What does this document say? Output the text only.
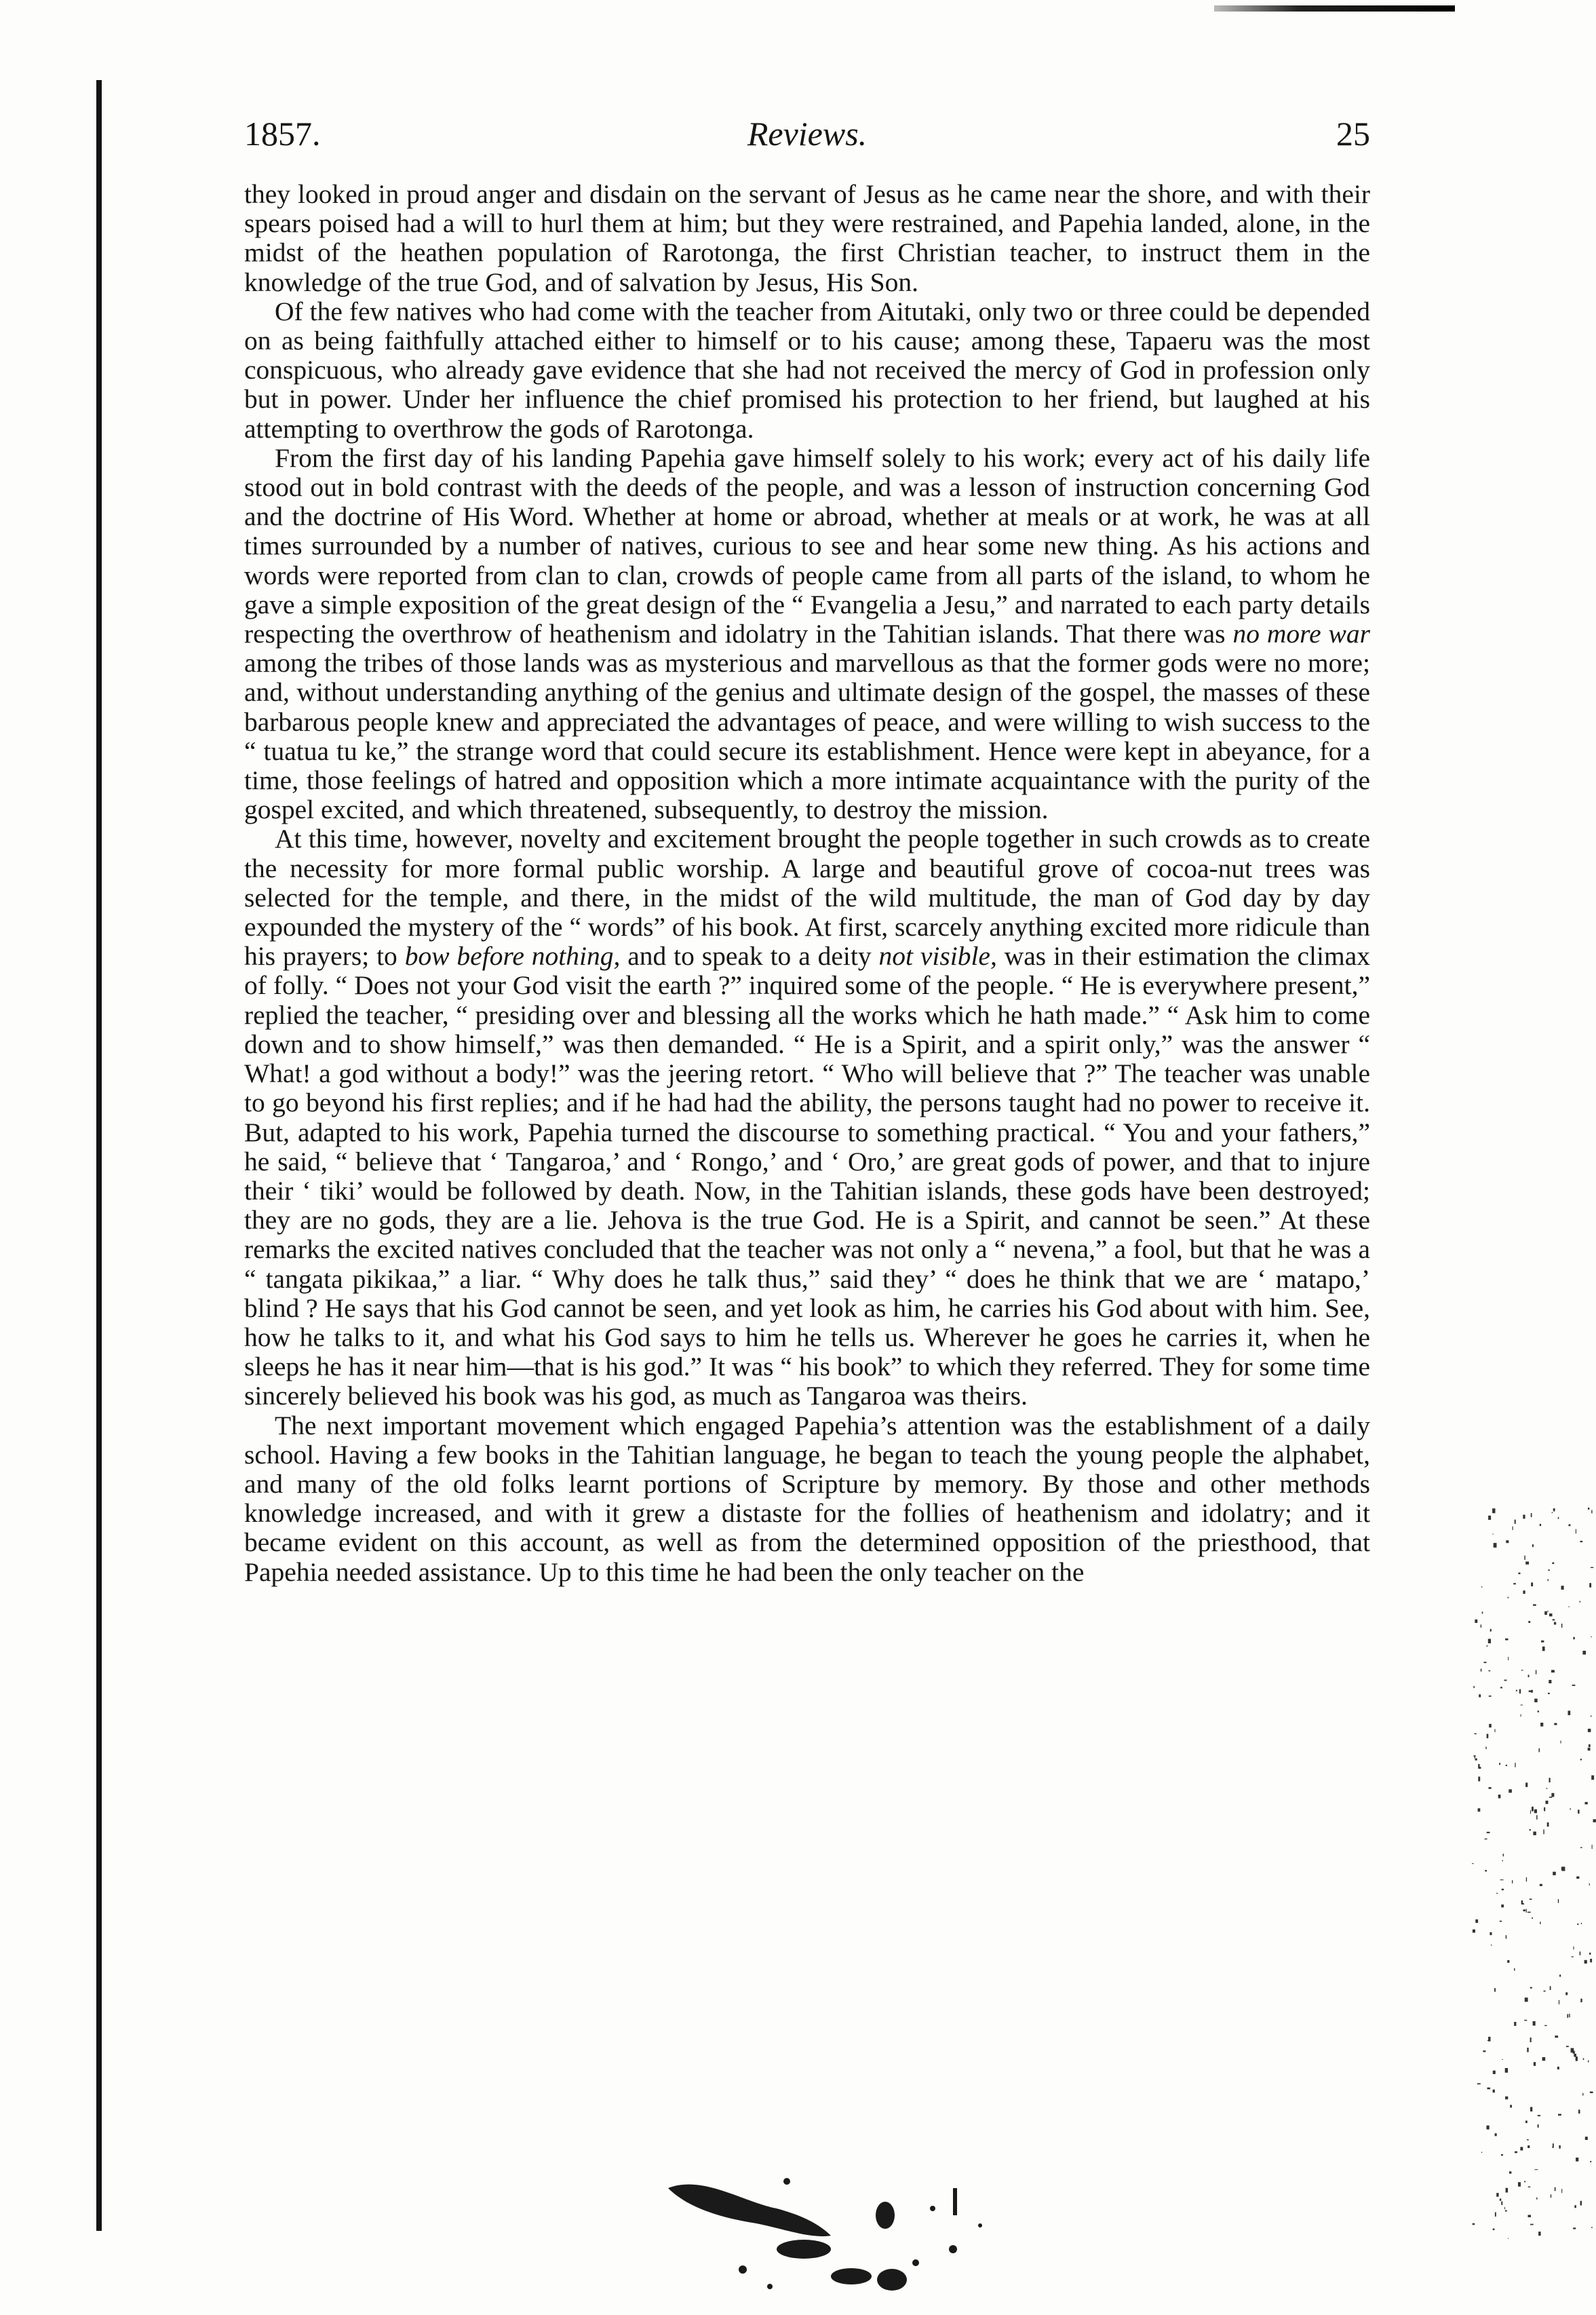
1857.	Reviews.	25

they looked in proud anger and disdain on the servant of Jesus as he came near the shore, and with their spears poised had a will to hurl them at him; but they were restrained, and Papehia landed, alone, in the midst of the heathen population of Rarotonga, the first Christian teacher, to instruct them in the knowledge of the true God, and of salvation by Jesus, His Son.

Of the few natives who had come with the teacher from Aitutaki, only two or three could be depended on as being faithfully attached either to himself or to his cause; among these, Tapaeru was the most conspicuous, who already gave evidence that she had not received the mercy of God in profession only but in power. Under her influence the chief promised his protection to her friend, but laughed at his attempting to overthrow the gods of Rarotonga.

From the first day of his landing Papehia gave himself solely to his work; every act of his daily life stood out in bold contrast with the deeds of the people, and was a lesson of instruction concerning God and the doctrine of His Word. Whether at home or abroad, whether at meals or at work, he was at all times surrounded by a number of natives, curious to see and hear some new thing. As his actions and words were reported from clan to clan, crowds of people came from all parts of the island, to whom he gave a simple exposition of the great design of the “ Evangelia a Jesu,” and narrated to each party details respecting the overthrow of heathenism and idolatry in the Tahitian islands. That there was no more war among the tribes of those lands was as mysterious and marvellous as that the former gods were no more; and, without understanding anything of the genius and ultimate design of the gospel, the masses of these barbarous people knew and appreciated the advantages of peace, and were willing to wish success to the “ tuatua tu ke,” the strange word that could secure its establishment. Hence were kept in abeyance, for a time, those feelings of hatred and opposition which a more intimate acquaintance with the purity of the gospel excited, and which threatened, subsequently, to destroy the mission.

At this time, however, novelty and excitement brought the people together in such crowds as to create the necessity for more formal public worship. A large and beautiful grove of cocoa-nut trees was selected for the temple, and there, in the midst of the wild multitude, the man of God day by day expounded the mystery of the “ words” of his book. At first, scarcely anything excited more ridicule than his prayers; to bow before nothing, and to speak to a deity not visible, was in their estimation the climax of folly. “ Does not your God visit the earth ?” inquired some of the people. “ He is everywhere present,” replied the teacher, “ presiding over and blessing all the works which he hath made.” “ Ask him to come down and to show himself,” was then demanded. “ He is a Spirit, and a spirit only,” was the answer “ What! a god without a body!” was the jeering retort. “ Who will believe that ?” The teacher was unable to go beyond his first replies; and if he had had the ability, the persons taught had no power to receive it. But, adapted to his work, Papehia turned the discourse to something practical. “ You and your fathers,” he said, “ believe that ‘ Tangaroa,’ and ‘ Rongo,’ and ‘ Oro,’ are great gods of power, and that to injure their ‘ tiki’ would be followed by death. Now, in the Tahitian islands, these gods have been destroyed; they are no gods, they are a lie. Jehova is the true God. He is a Spirit, and cannot be seen.” At these remarks the excited natives concluded that the teacher was not only a “ nevena,” a fool, but that he was a “ tangata pikikaa,” a liar. “ Why does he talk thus,” said they’ “ does he think that we are ‘ matapo,’ blind ? He says that his God cannot be seen, and yet look as him, he carries his God about with him. See, how he talks to it, and what his God says to him he tells us. Wherever he goes he carries it, when he sleeps he has it near him—that is his god.” It was “ his book” to which they referred. They for some time sincerely believed his book was his god, as much as Tangaroa was theirs.

The next important movement which engaged Papehia’s attention was the establishment of a daily school. Having a few books in the Tahitian language, he began to teach the young people the alphabet, and many of the old folks learnt portions of Scripture by memory. By those and other methods knowledge increased, and with it grew a distaste for the follies of heathenism and idolatry; and it became evident on this account, as well as from the determined opposition of the priesthood, that Papehia needed assistance. Up to this time he had been the only teacher on the
